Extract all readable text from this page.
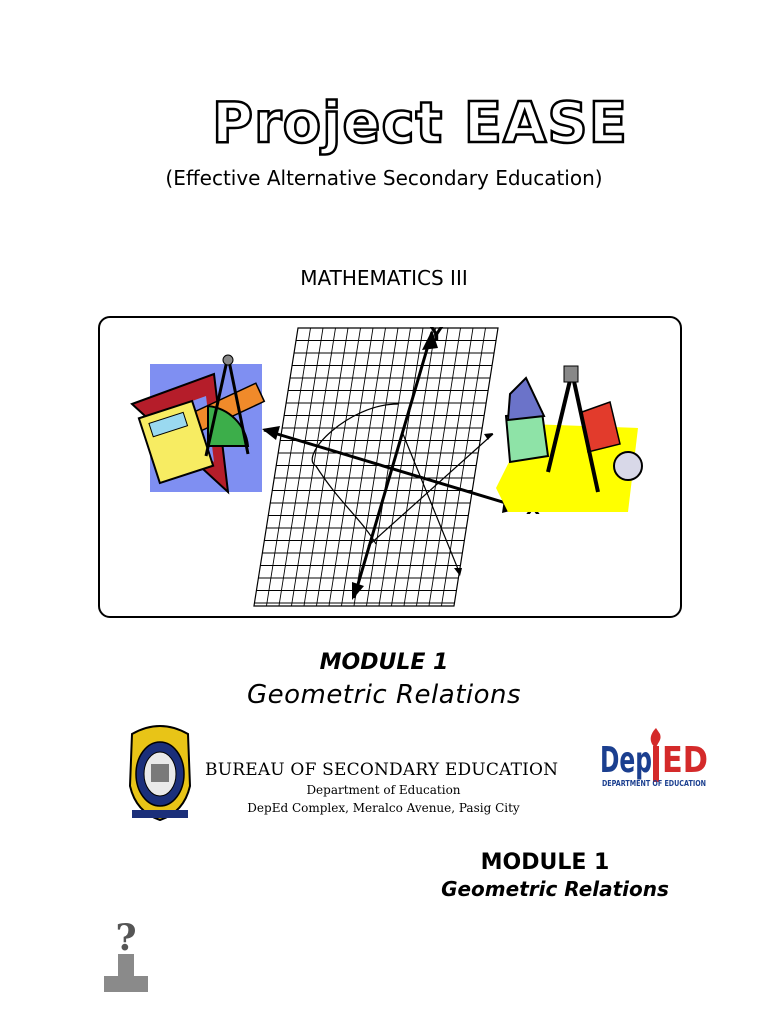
Project EASE
(Effective Alternative Secondary Education)
MATHEMATICS III
Y
MODULE 1
Geometric Relations
BUREAU OF SECONDARY EDUCATION
Department of Education
DepEd Complex, Meralco Avenue, Pasig City
Dep ED
DEPARTMENT OF EDUCATION
MODULE 1
Geometric Relations
?
